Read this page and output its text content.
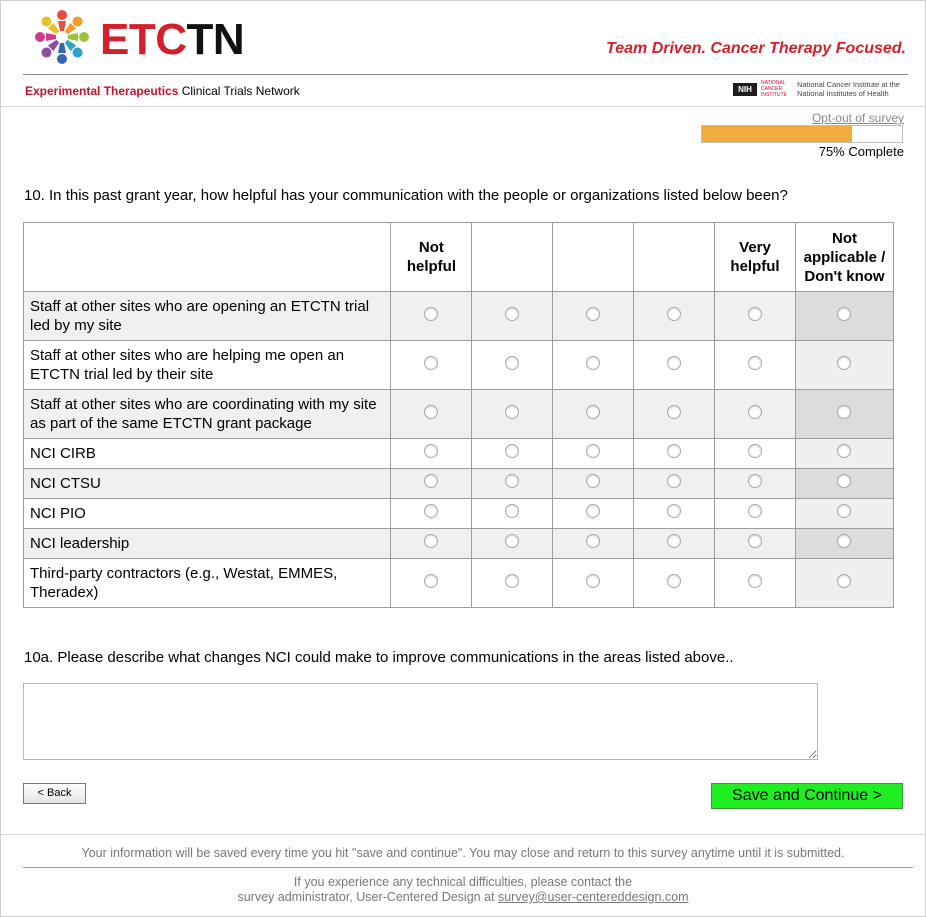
ETCTN	Team Driven. Cancer Therapy Focused.
Experimental Therapeutics Clinical Trials Network	NIH
NATIONAL CANCER INSTITUTE
National Cancer Institute at the National Institutes of Health
Opt-out of survey
75% Complete
10. In this past grant year, how helpful has your communication with the people or organizations listed below been?
	Not helpful				Very helpful	Not applicable / Don't know
Staff at other sites who are opening an ETCTN trial led by my site						
Staff at other sites who are helping me open an ETCTN trial led by their site						
Staff at other sites who are coordinating with my site as part of the same ETCTN grant package						
NCI CIRB						
NCI CTSU						
NCI PIO						
NCI leadership						
Third-party contractors (e.g., Westat, EMMES, Theradex)						
10a. Please describe what changes NCI could make to improve communications in the areas listed above..
< Back	Save and Continue >
Your information will be saved every time you hit "save and continue". You may close and return to this survey anytime until it is submitted.
If you experience any technical difficulties, please contact the
survey administrator, User-Centered Design at survey@user-centereddesign.com
